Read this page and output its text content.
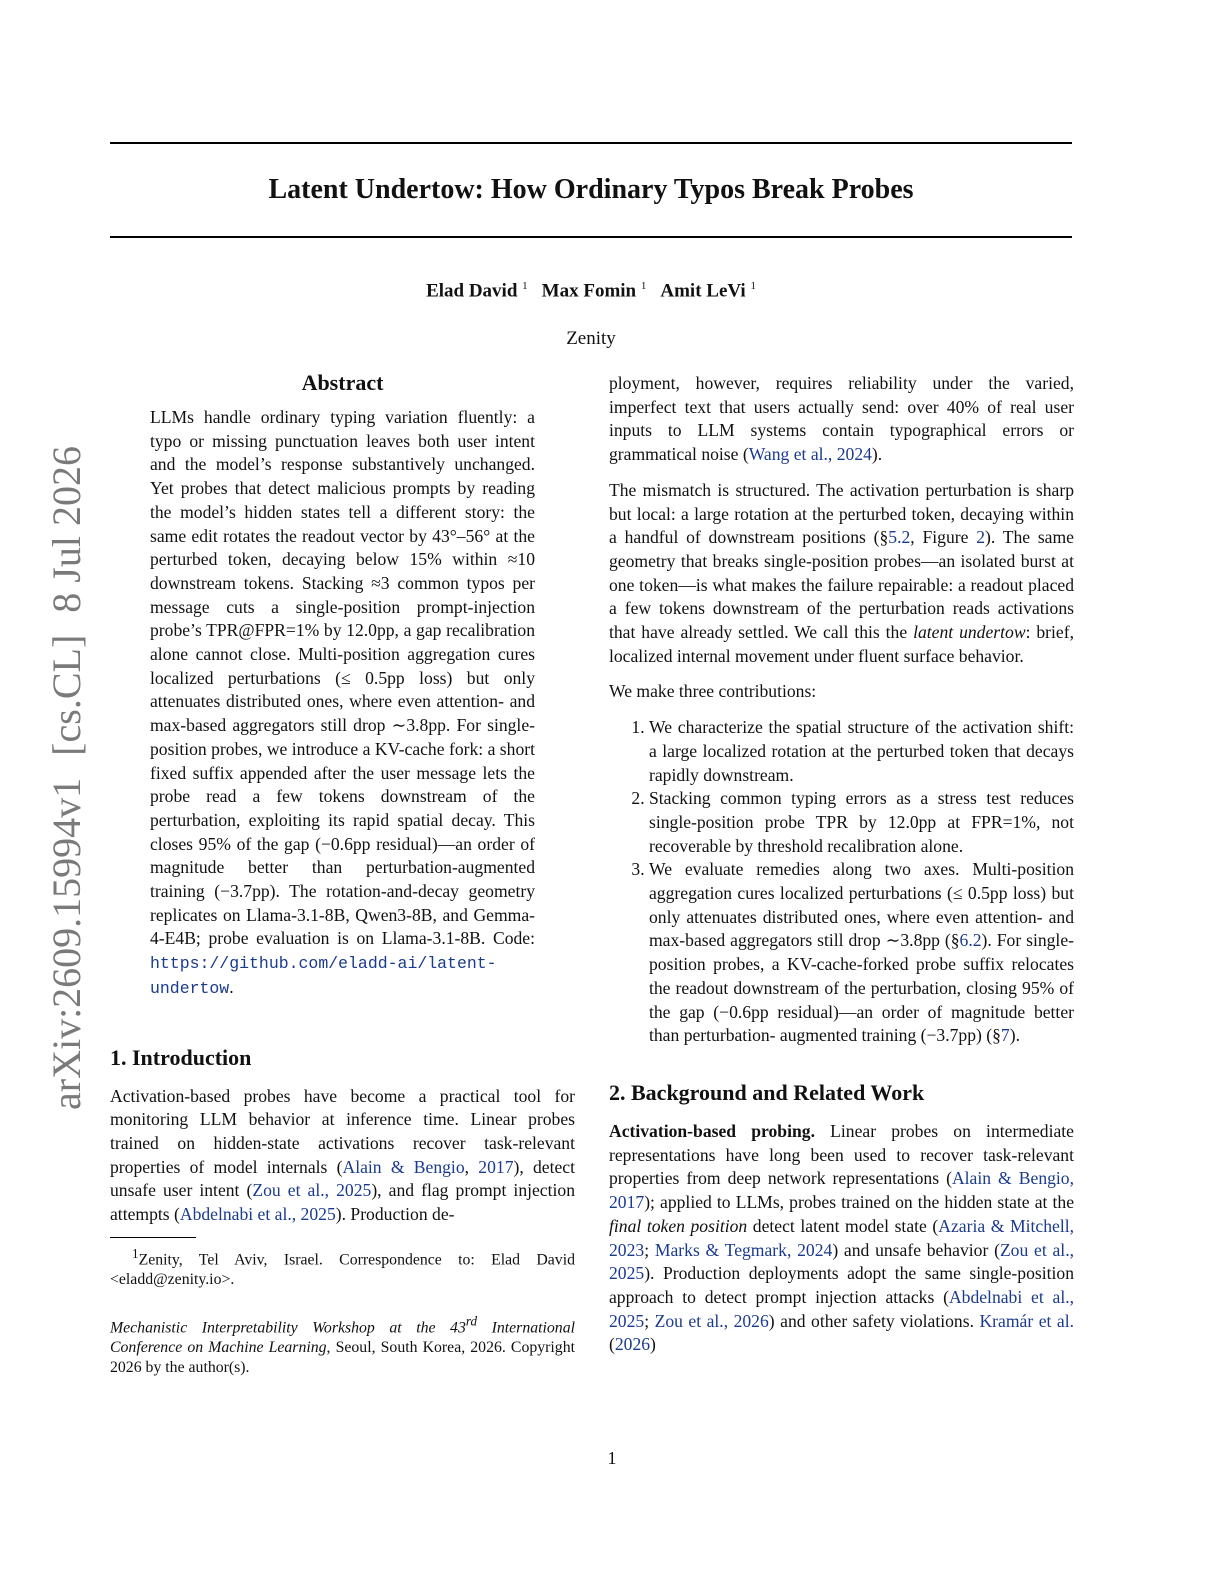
Latent Undertow: How Ordinary Typos Break Probes
Elad David $^1$ Max Fomin $^1$ Amit LeVi $^1$
Zenity
arXiv:2609.15994v1[cs.CL]8 Jul 2026
Abstract
LLMs handle ordinary typing variation fluently: a typo or missing punctuation leaves both user intent and the model’s response substantively unchanged. Yet probes that detect malicious prompts by reading the model’s hidden states tell a different story: the same edit rotates the readout vector by 43°–56° at the perturbed token, decaying below 15% within ≈10 downstream tokens. Stacking ≈3 common typos per message cuts a single-position prompt-injection probe’s TPR@FPR=1% by 12.0pp, a gap recalibration alone cannot close. Multi-position aggregation cures localized perturbations (≤ 0.5pp loss) but only attenuates distributed ones, where even attention- and max-based aggregators still drop ∼3.8pp. For single-position probes, we introduce a KV-cache fork: a short fixed suffix appended after the user message lets the probe read a few tokens downstream of the perturbation, exploiting its rapid spatial decay. This closes 95% of the gap (−0.6pp residual)—an order of magnitude better than perturbation-augmented training (−3.7pp). The rotation-and-decay geometry replicates on Llama-3.1-8B, Qwen3-8B, and Gemma-4-E4B; probe evaluation is on Llama-3.1-8B. Code: https://github.com/eladd-ai/latent-undertow.
1. Introduction

Activation-based probes have become a practical tool for monitoring LLM behavior at inference time. Linear probes trained on hidden-state activations recover task-relevant properties of model internals (Alain & Bengio, 2017), detect unsafe user intent (Zou et al., 2025), and flag prompt injection attempts (Abdelnabi et al., 2025). Production de-

$^1$Zenity, Tel Aviv, Israel. Correspondence to: Elad David <eladd@zenity.io>.

Mechanistic Interpretability Workshop at the 43rd International Conference on Machine Learning, Seoul, South Korea, 2026. Copyright 2026 by the author(s).

ployment, however, requires reliability under the varied, imperfect text that users actually send: over 40% of real user inputs to LLM systems contain typographical errors or grammatical noise (Wang et al., 2024).

The mismatch is structured. The activation perturbation is sharp but local: a large rotation at the perturbed token, decaying within a handful of downstream positions (§5.2, Figure 2). The same geometry that breaks single-position probes—an isolated burst at one token—is what makes the failure repairable: a readout placed a few tokens downstream of the perturbation reads activations that have already settled. We call this the latent undertow: brief, localized internal movement under fluent surface behavior.

We make three contributions:

1. We characterize the spatial structure of the activation shift: a large localized rotation at the perturbed token that decays rapidly downstream.
2. Stacking common typing errors as a stress test reduces single-position probe TPR by 12.0pp at FPR=1%, not recoverable by threshold recalibration alone.
3. We evaluate remedies along two axes. Multi-position aggregation cures localized perturbations (≤ 0.5pp loss) but only attenuates distributed ones, where even attention- and max-based aggregators still drop ∼3.8pp (§6.2). For single-position probes, a KV-cache-forked probe suffix relocates the readout downstream of the perturbation, closing 95% of the gap (−0.6pp residual)—an order of magnitude better than perturbation- augmented training (−3.7pp) (§7).
2. Background and Related Work

Activation-based probing. Linear probes on intermediate representations have long been used to recover task-relevant properties from deep network representations (Alain & Bengio, 2017); applied to LLMs, probes trained on the hidden state at the final token position detect latent model state (Azaria & Mitchell, 2023; Marks & Tegmark, 2024) and unsafe behavior (Zou et al., 2025). Production deployments adopt the same single-position approach to detect prompt injection attacks (Abdelnabi et al., 2025; Zou et al., 2026) and other safety violations. Kramár et al. (2026)

1
